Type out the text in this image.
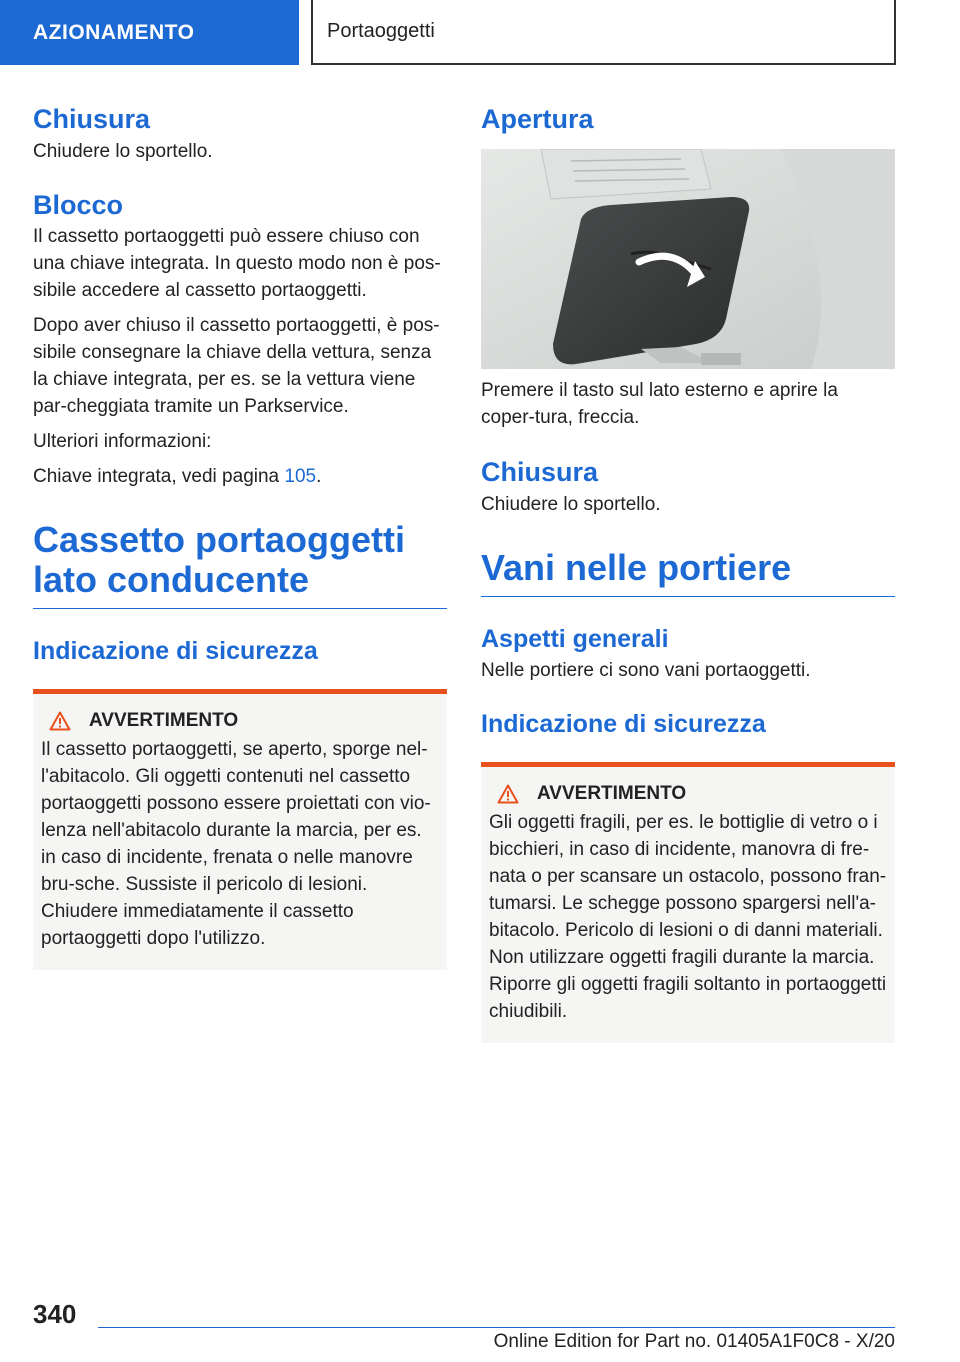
AZIONAMENTO	Portaoggetti
Chiusura

Chiudere lo sportello.

Blocco

Il cassetto portaoggetti può essere chiuso con una chiave integrata. In questo modo non è pos-sibile accedere al cassetto portaoggetti.

Dopo aver chiuso il cassetto portaoggetti, è pos-sibile consegnare la chiave della vettura, senza la chiave integrata, per es. se la vettura viene par-cheggiata tramite un Parkservice.

Ulteriori informazioni:

Chiave integrata, vedi pagina 105.

Cassetto portaoggetti lato conducente
Indicazione di sicurezza
AVVERTIMENTO

Il cassetto portaoggetti, se aperto, sporge nel-l'abitacolo. Gli oggetti contenuti nel cassetto portaoggetti possono essere proiettati con vio-lenza nell'abitacolo durante la marcia, per es. in caso di incidente, frenata o nelle manovre bru-sche. Sussiste il pericolo di lesioni. Chiudere immediatamente il cassetto portaoggetti dopo l'utilizzo.

Apertura

Premere il tasto sul lato esterno e aprire la coper-tura, freccia.

Chiusura

Chiudere lo sportello.

Vani nelle portiere
Aspetti generali

Nelle portiere ci sono vani portaoggetti.

Indicazione di sicurezza
AVVERTIMENTO

Gli oggetti fragili, per es. le bottiglie di vetro o i bicchieri, in caso di incidente, manovra di fre-nata o per scansare un ostacolo, possono fran-tumarsi. Le schegge possono spargersi nell'a-bitacolo. Pericolo di lesioni o di danni materiali. Non utilizzare oggetti fragili durante la marcia. Riporre gli oggetti fragili soltanto in portaoggetti chiudibili.

340
Online Edition for Part no. 01405A1F0C8 - X/20
